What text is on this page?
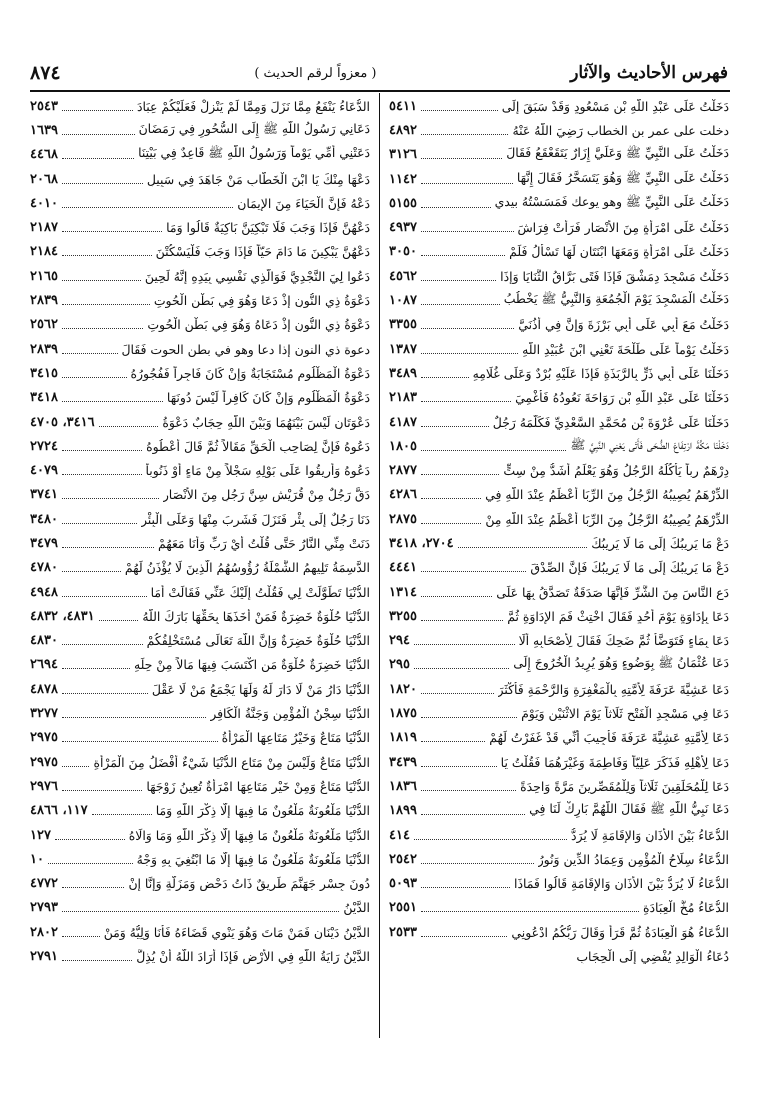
فهرس الأحاديث والآثار
( معزواً لرقم الحديث )
٨٧٤
دَخَلْتُ عَلَى عَبْدِ اللَّهِ بْنِ مَسْعُودٍ وَقَدْ سَبَقَ إِلَى
٥٤١١
دخلت على عمر بن الخطاب رَضِيَ اللَّهُ عَنْهُ
٤٨٩٢
دَخَلْتُ عَلَى النَّبِيِّ ﷺ وَعَلَيَّ إِزَارٌ يَتَقَعْقَعُ فَقَالَ
٣١٢٦
دَخَلْتُ عَلَى النَّبِيِّ ﷺ وَهُوَ يَتَسَحَّرُ فَقَالَ إِنَّهَا
١١٤٢
دَخَلْتُ عَلَى النَّبِيِّ ﷺ وهو يوعك فَمَسَسْتُهُ بيدي
٥١٥٥
دَخَلْتُ عَلَى امْرَأَةٍ مِنَ الأَنْصَارِ فَرَأَتْ فِرَاشَ
٤٩٣٧
دَخَلْتُ عَلَى امْرَأَةٍ وَمَعَهَا ابْنَتَانِ لَهَا تَسْأَلُ فَلَمْ
٣٠٥٠
دَخَلْتُ مَسْجِدَ دِمَشْقَ فَإِذَا فَتًى بَرَّاقُ الثَّنَايَا وَإِذَا
٤٥٦٢
دَخَلْتُ الْمَسْجِدَ يَوْمَ الْجُمُعَةِ وَالنَّبِيُّ ﷺ يَخْطُبُ
١٠٨٧
دَخَلْتُ مَعَ أَبِي عَلَى أَبِي بَرْزَةَ وَإِنَّ فِي أُذُنَيَّ
٣٣٥٥
دَخَلْتُ يَوْماً عَلَى طَلْحَةَ تَعْنِي ابْنَ عُبَيْدِ اللَّهِ
١٣٨٧
دَخَلْنَا عَلَى أَبِي ذَرٍّ بِالرَّبَذَةِ فَإِذَا عَلَيْهِ بُرْدٌ وَعَلَى غُلَامِهِ
٣٤٨٩
دَخَلْنَا عَلَى عَبْدِ اللَّهِ بْنِ رَوَاحَةَ نَعُودُهُ فَأُغْمِيَ
٢١٨٣
دَخَلْنَا عَلَى عُرْوَةَ بْنِ مُحَمَّدٍ السَّعْدِيِّ فَكَلَّمَهُ رَجُلٌ
٤١٨٧
دَخَلْنَا مَكَّةَ ارْتِفَاعَ الضُّحَى فَأَتَى يَعْنِي النَّبِيَّ ﷺ
١٨٠٥
دِرْهَمٌ رِباً يَأْكُلُهُ الرَّجُلُ وَهُوَ يَعْلَمُ أَشَدُّ مِنْ سِتٍّ
٢٨٧٧
الدِّرْهَمُ يُصِيبُهُ الرَّجُلُ مِنَ الرِّبَا أَعْظَمُ عِنْدَ اللَّهِ فِي
٤٢٨٦
الدِّرْهَمُ يُصِيبُهُ الرَّجُلُ مِنَ الرِّبَا أَعْظَمُ عِنْدَ اللَّهِ مِنْ
٢٨٧٥
دَعْ مَا يَرِيبُكَ إِلَى مَا لَا يَرِيبُكَ
٢٧٠٤، ٣٤١٨
دَعْ مَا يَرِيبُكَ إِلَى مَا لَا يَرِيبُكَ فَإِنَّ الصِّدْقَ
٤٤٤١
دَعِ النَّاسَ مِنَ الشَّرِّ فَإِنَّهَا صَدَقَةٌ تَصَدَّقُ بِهَا عَلَى
١٣١٤
دَعَا بِإِدَاوَةٍ يَوْمَ أُحُدٍ فَقَالَ اخْتِثْ فَمَ الإِدَاوَةِ ثُمَّ
٣٢٥٥
دَعَا بِمَاءٍ فَتَوَضَّأَ ثُمَّ ضَحِكَ فَقَالَ لِأَصْحَابِهِ أَلَا
٢٩٤
دَعَا عُثْمَانُ ﷺ بِوَضُوءٍ وَهُوَ يُرِيدُ الْخُرُوجَ إِلَى
٢٩٥
دَعَا عَشِيَّةَ عَرَفَةَ لِأُمَّتِهِ بِالْمَغْفِرَةِ وَالرَّحْمَةِ فَأَكْثَرَ
١٨٢٠
دَعَا فِي مَسْجِدِ الْفَتْحِ ثَلَاثاً يَوْمَ الاثْنَيْنِ وَيَوْمَ
١٨٧٥
دَعَا لِأُمَّتِهِ عَشِيَّةَ عَرَفَةَ فَأُجِيبَ أَنِّي قَدْ غَفَرْتُ لَهُمْ
١٨١٩
دَعَا لِأَهْلِهِ فَذَكَرَ عَلِيّاً وَفَاطِمَةَ وَغَيْرَهُمَا فَقُلْتُ يَا
٣٤٣٩
دَعَا لِلْمُحَلِّقِينَ ثَلَاثاً وَلِلْمُقَصِّرِينَ مَرَّةً وَاحِدَةً
١٨٣٦
دَعَا نَبِيُّ اللَّهِ ﷺ فَقَالَ اللَّهُمَّ بَارِكْ لَنَا فِي
١٨٩٩
الدُّعَاءُ بَيْنَ الأَذَانِ وَالإِقَامَةِ لَا يُرَدُّ
٤١٤
الدُّعَاءُ سِلَاحُ الْمُؤْمِنِ وَعِمَادُ الدِّينِ وَنُورُ
٢٥٤٢
الدُّعَاءُ لَا يُرَدُّ بَيْنَ الأَذَانِ وَالإِقَامَةِ قَالُوا فَمَاذَا
٥٠٩٣
الدُّعَاءُ مُخُّ الْعِبَادَةِ
٢٥٥١
الدُّعَاءُ هُوَ الْعِبَادَةُ ثُمَّ قَرَأَ وَقَالَ رَبُّكُمُ ادْعُونِي
٢٥٣٣
دُعَاءُ الْوَالِدِ يُفْضِي إِلَى الْحِجَابِ
الدُّعَاءُ يَنْفَعُ مِمَّا نَزَلَ وَمِمَّا لَمْ يَنْزِلْ فَعَلَيْكُمْ عِبَادَ
٢٥٤٣
دَعَانِي رَسُولُ اللَّهِ ﷺ إِلَى السُّحُورِ فِي رَمَضَانَ
١٦٣٩
دَعَتْنِي أُمِّي يَوْماً وَرَسُولُ اللَّهِ ﷺ قَاعِدٌ فِي بَيْتِنَا
٤٤٦٨
دَعْهَا مِنْكَ يَا ابْنَ الْخَطَّابِ مَنْ جَاهَدَ فِي سَبِيلِ
٢٠٦٨
دَعْهُ فَإِنَّ الْحَيَاءَ مِنَ الإِيمَانِ
٤٠١٠
دَعْهُنَّ فَإِذَا وَجَبَ فَلَا تَبْكِيَنَّ بَاكِيَةٌ قَالُوا وَمَا
٢١٨٧
دَعْهُنَّ يَبْكِينَ مَا دَامَ حَيّاً فَإِذَا وَجَبَ فَلْيَسْكُتْنَ
٢١٨٤
دَعُوا لِيَ النَّجْدِيَّ فَوَالَّذِي نَفْسِي بِيَدِهِ إِنَّهُ لَحِينَ
٢١٦٥
دَعْوَةُ ذِي النُّونِ إِذْ دَعَا وَهُوَ فِي بَطْنِ الْحُوتِ
٢٨٣٩
دَعْوَةُ ذِي النُّونِ إِذْ دَعَاهُ وَهُوَ فِي بَطْنِ الْحُوتِ
٢٥٦٢
دعوة ذي النون إذا دعا وهو في بطن الحوت فَقَالَ
٢٨٣٩
دَعْوَةُ الْمَظْلُومِ مُسْتَجَابَةٌ وَإِنْ كَانَ فَاجِراً فَفُجُورُهُ
٣٤١٥
دَعْوَةُ الْمَظْلُومِ وَإِنْ كَانَ كَافِراً لَيْسَ دُونَهَا
٣٤١٨
دَعْوَتَانِ لَيْسَ بَيْنَهُمَا وَبَيْنَ اللَّهِ حِجَابٌ دَعْوَةُ
٣٤١٦، ٤٧٠٥
دَعُوهُ فَإِنَّ لِصَاحِبِ الْحَقِّ مَقَالاً ثُمَّ قَالَ أَعْطُوهُ
٢٧٢٤
دَعُوهُ وَأَرِيقُوا عَلَى بَوْلِهِ سَجْلاً مِنْ مَاءٍ أَوْ ذَنُوباً
٤٠٧٩
دَقَّ رَجُلٌ مِنْ قُرَيْشٍ سِنَّ رَجُلٍ مِنَ الأَنْصَارِ
٣٧٤١
دَنَا رَجُلٌ إِلَى بِئْرٍ فَنَزَلَ فَشَرِبَ مِنْهَا وَعَلَى الْبِئْرِ
٣٤٨٠
دَنَتْ مِنِّي النَّارُ حَتَّى قُلْتُ أَيْ رَبِّ وَأَنَا مَعَهُمْ
٣٤٧٩
الدَّسِمَةُ تَلِيهِمُ الشَّمْلَةُ رُؤُوسُهُمُ الَّذِينَ لَا يُؤْذَنُ لَهُمْ
٤٧٨٠
الدُّنْيَا تَطَوَّلَتْ لِي فَقُلْتُ إِلَيْكَ عَنِّي فَقَالَتْ أَمَا
٤٩٤٨
الدُّنْيَا حُلْوَةٌ خَضِرَةٌ فَمَنْ أَخَذَهَا بِحَقِّهَا بَارَكَ اللَّهُ
٤٨٣١، ٤٨٣٢
الدُّنْيَا حُلْوَةٌ خَضِرَةٌ وَإِنَّ اللَّهَ تَعَالَى مُسْتَخْلِفُكُمْ
٤٨٣٠
الدُّنْيَا خَضِرَةٌ حُلْوَةٌ مَنِ اكْتَسَبَ فِيهَا مَالاً مِنْ حِلِّهِ
٢٦٩٤
الدُّنْيَا دَارُ مَنْ لَا دَارَ لَهُ وَلَهَا يَجْمَعُ مَنْ لَا عَقْلَ
٤٨٧٨
الدُّنْيَا سِجْنُ الْمُؤْمِنِ وَجَنَّةُ الْكَافِرِ
٣٢٧٧
الدُّنْيَا مَتَاعٌ وَخَيْرُ مَتَاعِهَا الْمَرْأَةُ
٢٩٧٥
الدُّنْيَا مَتَاعٌ وَلَيْسَ مِنْ مَتَاعِ الدُّنْيَا شَيْءٌ أَفْضَلُ مِنَ الْمَرْأَةِ
٢٩٧٥
الدُّنْيَا مَتَاعٌ وَمِنْ خَيْرِ مَتَاعِهَا امْرَأَةٌ تُعِينُ زَوْجَهَا
٢٩٧٦
الدُّنْيَا مَلْعُونَةٌ مَلْعُونٌ مَا فِيهَا إِلَّا ذِكْرَ اللَّهِ وَمَا
١١٧، ٤٨٦٦
الدُّنْيَا مَلْعُونَةٌ مَلْعُونٌ مَا فِيهَا إِلَّا ذِكْرَ اللَّهِ وَمَا وَالَاهُ
١٢٧
الدُّنْيَا مَلْعُونَةٌ مَلْعُونٌ مَا فِيهَا إِلَّا مَا ابْتُغِيَ بِهِ وَجْهُ
١٠
دُونَ جِسْرِ جَهَنَّمَ طَرِيقٌ ذَاتُ دَحْضٍ وَمَزَلَّةٍ وَإِنَّا إِنْ
٤٧٧٢
الدَّيْنُ
٢٧٩٣
الدَّيْنُ دَيْنَانِ فَمَنْ مَاتَ وَهُوَ يَنْوِي قَضَاءَهُ فَأَنَا وَلِيُّهُ وَمَنْ
٢٨٠٢
الدَّيْنُ رَايَةُ اللَّهِ فِي الأَرْضِ فَإِذَا أَرَادَ اللَّهُ أَنْ يُذِلَّ
٢٧٩١
